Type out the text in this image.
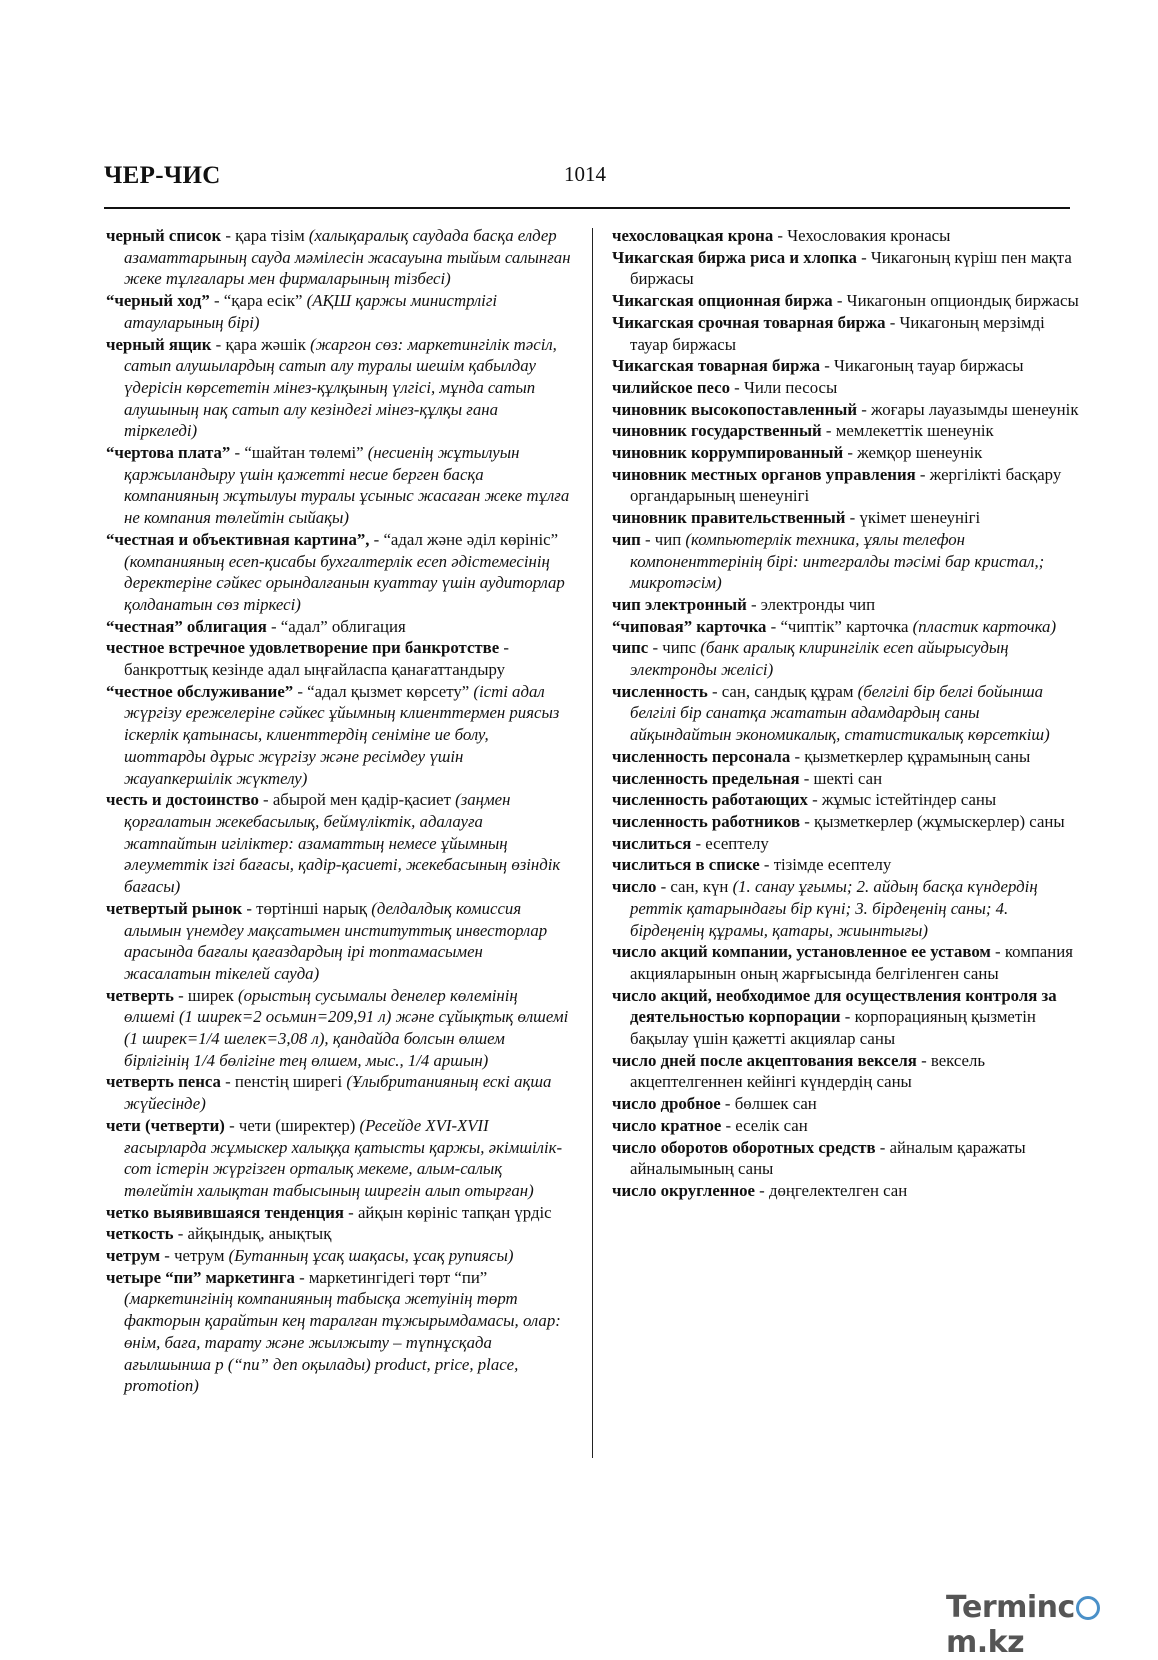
ЧЕР-ЧИС	1014

черный список - қара тізім (халықаралық саудада басқа елдер азаматтарының сауда мәмілесін жасауына тыйым салынған жеке тұлғалары мен фирмаларының тізбесі)

“черный ход” - “қара есік” (АҚШ қаржы министрлігі атауларының бірі)

черный ящик - қара жәшік (жаргон сөз: маркетингілік тәсіл, сатып алушылардың сатып алу туралы шешім қабылдау үдерісін көрсететін мінез-құлқының үлгісі, мұнда сатып алушының нақ сатып алу кезіндегі мінез-құлқы ғана тіркеледі)

“чертова плата” - “шайтан төлемі” (несиенің жұтылуын қаржыландыру үшін қажетті несие берген басқа компанияның жұтылуы туралы ұсыныс жасаған жеке тұлға не компания төлейтін сыйақы)

“честная и объективная картина”, - “адал және әділ көрініс” (компанияның есеп-қисабы бухгалтерлік есеп әдістемесінің деректеріне сәйкес орындалғанын куаттау үшін аудиторлар қолданатын сөз тіркесі)

“честная” облигация - “адал” облигация

честное встречное удовлетворение при банкротстве - банкроттық кезінде адал ыңғайласпа қанағаттандыру

“честное обслуживание” - “адал қызмет көрсету” (істі адал жүргізу ережелеріне сәйкес ұйымның клиенттермен риясыз іскерлік қатынасы, клиенттердің сеніміне ие болу, шоттарды дұрыс жүргізу және ресімдеу үшін жауапкершілік жүктелу)

честь и достоинство - абырой мен қадір-қасиет (заңмен қорғалатын жекебасылық, беймүліктік, адалауға жатпайтын игіліктер: азаматтың немесе ұйымның әлеуметтік ізгі бағасы, қадір-қасиеті, жекебасының өзіндік бағасы)

четвертый рынок - төртінші нарық (делдалдық комиссия алымын үнемдеу мақсатымен институттық инвесторлар арасында бағалы қағаздардың ірі топтамасымен жасалатын тікелей сауда)

четверть - ширек (орыстың сусымалы денелер көлемінің өлшемі (1 ширек=2 осьмин=209,91 л) және сұйықтық өлшемі (1 ширек=1/4 шелек=3,08 л), қандайда болсын өлшем бірлігінің 1/4 бөлігіне тең өлшем, мыс., 1/4 аршын)

четверть пенса - пенстің ширегі (Ұлыбританияның ескі ақша жүйесінде)

чети (четверти) - чети (ширектер) (Ресейде XVI-XVII ғасырларда жұмыскер халыққа қатысты қаржы, әкімшілік-сот істерін жүргізген орталық мекеме, алым-салық төлейтін халықтан табысының ширегін алып отырған)

четко выявившаяся тенденция - айқын көрініс тапқан үрдіс

четкость - айқындық, анықтық

четрум - четрум (Бутанның ұсақ шақасы, ұсақ рупиясы)

четыре “пи” маркетинга - маркетингідегі төрт “пи” (маркетингінің компанияның табысқа жетуінің төрт факторын қарайтын кең таралған тұжырымдамасы, олар: өнім, баға, тарату және жылжыту – түпнұсқада ағылшынша р (“пи” деп оқылады) product, price, place, promotion)

чехословацкая крона - Чехословакия кронасы

Чикагская биржа риса и хлопка - Чикагоның күріш пен мақта биржасы

Чикагская опционная биржа - Чикагонын опциондық биржасы

Чикагская срочная товарная биржа - Чикагоның мерзімді тауар биржасы

Чикагская товарная биржа - Чикагоның тауар биржасы

чилийское песо - Чили песосы

чиновник высокопоставленный - жоғары лауазымды шенеунік

чиновник государственный - мемлекеттік шенеунік

чиновник коррумпированный - жемқор шенеунік

чиновник местных органов управления - жергілікті басқару органдарының шенеунігі

чиновник правительственный - үкімет шенеунігі

чип - чип (компьютерлік техника, ұялы телефон компоненттерінің бірі: интегралды тәсімі бар кристал,; микротәсім)

чип электронный - электронды чип

“чиповая” карточка - “чиптік” карточка (пластик карточка)

чипс - чипс (банк аралық клирингілік есеп айырысудың электронды желісі)

численность - сан, сандық құрам (белгілі бір белгі бойынша белгілі бір санатқа жататын адамдардың саны айқындайтын экономикалық, статистикалық көрсеткіш)

численность персонала - қызметкерлер құрамының саны

численность предельная - шекті сан

численность работающих - жұмыс істейтіндер саны

численность работников - қызметкерлер (жұмыскерлер) саны

числиться - есептелу

числиться в списке - тізімде есептелу

число - сан, күн (1. санау ұғымы; 2. айдың басқа күндердің реттік қатарындағы бір күні; 3. бірдеңенің саны; 4. бірдеңенің құрамы, қатары, жиынтығы)

число акций компании, установленное ее уставом - компания акцияларынын оның жарғысында белгіленген саны

число акций, необходимое для осуществления контроля за деятельностью корпорации - корпорацияның қызметін бақылау үшін қажетті акциялар саны

число дней после акцептования векселя - вексель акцептелгеннен кейінгі күндердің саны

число дробное - бөлшек сан

число кратное - еселік сан

число оборотов оборотных средств - айналым қаражаты айналымының саны

число округленное - дөңгелектелген сан

Termincm.kz
